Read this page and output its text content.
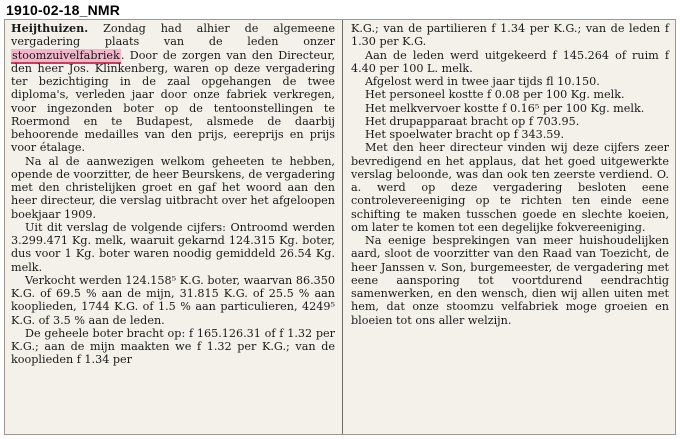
1910-02-18_NMR

Heijthuizen. Zondag had alhier de algemeene vergadering plaats van de leden onzer stoomzuivelfabriek. Door de zorgen van den Directeur, den heer Jos. Klinkenberg, waren op deze vergadering ter bezichtiging in de zaal opgehangen de twee diploma's, verleden jaar door onze fabriek verkregen, voor ingezonden boter op de tentoonstellingen te Roermond en te Budapest, alsmede de daarbij behoorende medailles van den prijs, eereprijs en prijs voor étalage.

Na al de aanwezigen welkom geheeten te hebben, opende de voorzitter, de heer Beurskens, de vergadering met den christelijken groet en gaf het woord aan den heer directeur, die verslag uitbracht over het afgeloopen boekjaar 1909.

Uit dit verslag de volgende cijfers: Ontroomd werden 3.299.471 Kg. melk, waaruit gekarnd 124.315 Kg. boter, dus voor 1 Kg. boter waren noodig gemiddeld 26.54 Kg. melk.

Verkocht werden 124.158⁵ K.G. boter, waarvan 86.350 K.G. of 69.5 % aan de mijn, 31.815 K.G. of 25.5 % aan kooplieden, 1744 K.G. of 1.5 % aan particulieren, 4249⁵ K.G. of 3.5 % aan de leden.

De geheele boter bracht op: f 165.126.31 of f 1.32 per K.G.; aan de mijn maakten we f 1.32 per K.G.; van de kooplieden f 1.34 per

K.G.; van de partilieren f 1.34 per K.G.; van de leden f 1.30 per K.G.

Aan de leden werd uitgekeerd f 145.264 of ruim f 4.40 per 100 L. melk.

Afgelost werd in twee jaar tijds fl 10.150.

Het personeel kostte f 0.08 per 100 Kg. melk.

Het melkvervoer kostte f 0.16⁵ per 100 Kg. melk.

Het drupapparaat bracht op f 703.95.

Het spoelwater bracht op f 343.59.

Met den heer directeur vinden wij deze cijfers zeer bevredigend en het applaus, dat het goed uitgewerkte verslag beloonde, was dan ook ten zeerste verdiend. O. a. werd op deze vergadering besloten eene controlevereeniging op te richten ten einde eene schifting te maken tusschen goede en slechte koeien, om later te komen tot een degelijke fokvereeniging.

Na eenige besprekingen van meer huishoudelijken aard, sloot de voorzitter van den Raad van Toezicht, de heer Janssen v. Son, burgemeester, de vergadering met eene aansporing tot voortdurend eendrachtig samenwerken, en den wensch, dien wij allen uiten met hem, dat onze stoomzu velfabriek moge groeien en bloeien tot ons aller welzijn.
